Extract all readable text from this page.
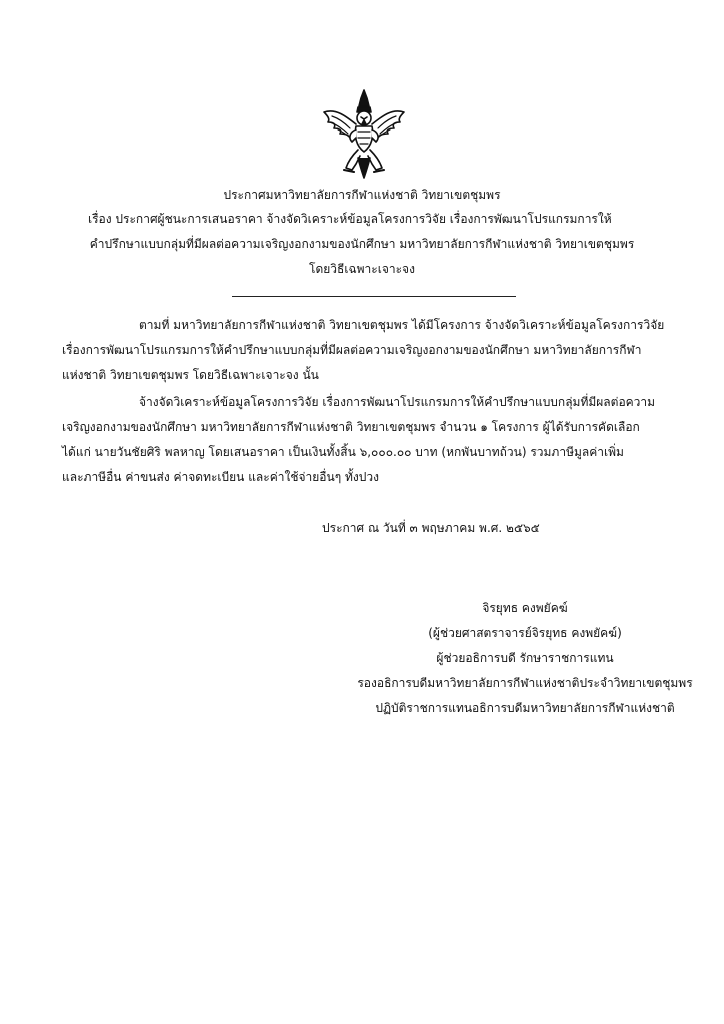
ประกาศมหาวิทยาลัยการกีฬาแห่งชาติ วิทยาเขตชุมพร
เรื่อง ประกาศผู้ชนะการเสนอราคา จ้างจัดวิเคราะห์ข้อมูลโครงการวิจัย เรื่องการพัฒนาโปรแกรมการให้
คำปรึกษาแบบกลุ่มที่มีผลต่อความเจริญงอกงามของนักศึกษา มหาวิทยาลัยการกีฬาแห่งชาติ วิทยาเขตชุมพร
โดยวิธีเฉพาะเจาะจง
ตามที่ มหาวิทยาลัยการกีฬาแห่งชาติ วิทยาเขตชุมพร ได้มีโครงการ จ้างจัดวิเคราะห์ข้อมูลโครงการวิจัย
เรื่องการพัฒนาโปรแกรมการให้คำปรึกษาแบบกลุ่มที่มีผลต่อความเจริญงอกงามของนักศึกษา มหาวิทยาลัยการกีฬา
แห่งชาติ วิทยาเขตชุมพร โดยวิธีเฉพาะเจาะจง นั้น
จ้างจัดวิเคราะห์ข้อมูลโครงการวิจัย เรื่องการพัฒนาโปรแกรมการให้คำปรึกษาแบบกลุ่มที่มีผลต่อความ
เจริญงอกงามของนักศึกษา มหาวิทยาลัยการกีฬาแห่งชาติ วิทยาเขตชุมพร จำนวน ๑ โครงการ ผู้ได้รับการคัดเลือก
ได้แก่ นายวันชัยศิริ พลหาญ โดยเสนอราคา เป็นเงินทั้งสิ้น ๖,๐๐๐.๐๐ บาท (หกพันบาทถ้วน) รวมภาษีมูลค่าเพิ่ม
และภาษีอื่น ค่าขนส่ง ค่าจดทะเบียน และค่าใช้จ่ายอื่นๆ ทั้งปวง
ประกาศ ณ วันที่ ๓ พฤษภาคม พ.ศ. ๒๕๖๕
จิรยุทธ คงพยัคฆ์
(ผู้ช่วยศาสตราจารย์จิรยุทธ คงพยัคฆ์)
ผู้ช่วยอธิการบดี รักษาราชการแทน
รองอธิการบดีมหาวิทยาลัยการกีฬาแห่งชาติประจำวิทยาเขตชุมพร
ปฏิบัติราชการแทนอธิการบดีมหาวิทยาลัยการกีฬาแห่งชาติ
